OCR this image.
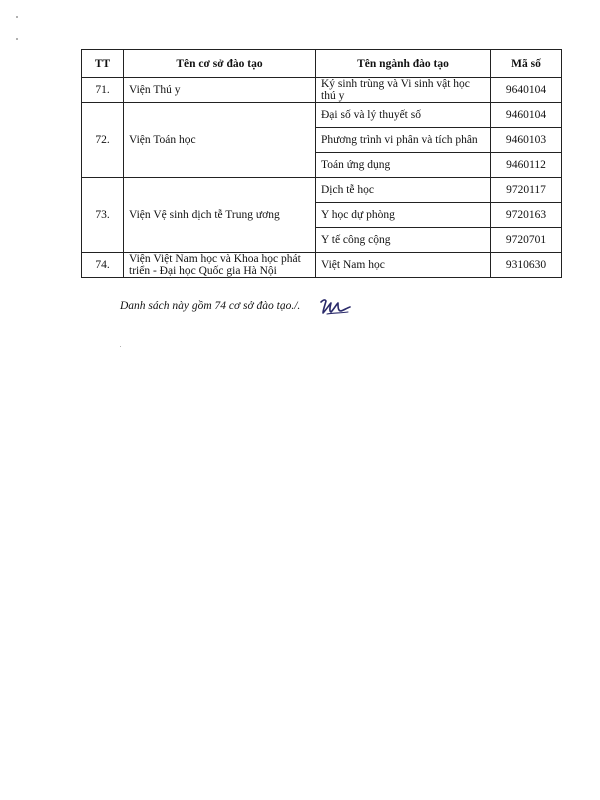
TT	Tên cơ sở đào tạo	Tên ngành đào tạo	Mã số
71.	Viện Thú y	Ký sinh trùng và Vi sinh vật học thú y	9640104
72.	Viện Toán học	Đại số và lý thuyết số	9460104
		Phương trình vi phân và tích phân	9460103
		Toán ứng dụng	9460112
73.	Viện Vệ sinh dịch tễ Trung ương	Dịch tễ học	9720117
		Y học dự phòng	9720163
		Y tế công cộng	9720701
74.	Viện Việt Nam học và Khoa học phát triển - Đại học Quốc gia Hà Nội	Việt Nam học	9310630
Danh sách này gồm 74 cơ sở đào tạo./.
